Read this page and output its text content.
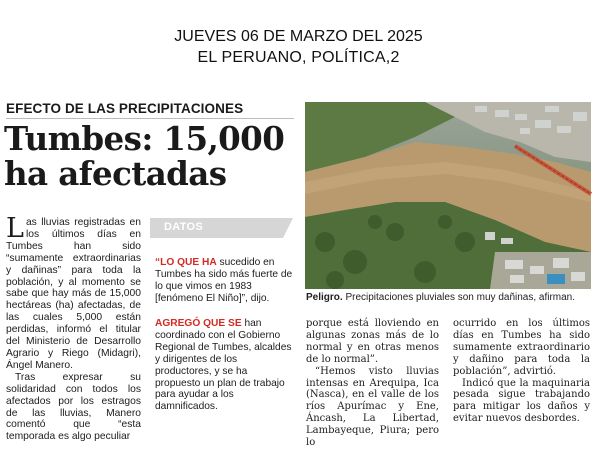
JUEVES 06 DE MARZO DEL 2025
EL PERUANO, POLÍTICA,2
EFECTO DE LAS PRECIPITACIONES
Tumbes: 15,000
ha afectadas
Peligro. Precipitaciones pluviales son muy dañinas, afirman.
L as lluvias registradas en los últimos días en Tumbes han sido “sumamente extraordinarias y dañinas” para toda la población, y al momento se sabe que hay más de 15,000 hectáreas (ha) afectadas, de las cuales 5,000 están perdidas, informó el titular del Ministerio de Desarrollo Agrario y Riego (Midagri), Ángel Manero.

Tras expresar su solidaridad con todos los afectados por los estragos de las lluvias, Manero comentó que “esta temporada es algo peculiar

DATOS
“LO QUE HA sucedido en Tumbes ha sido más fuerte de lo que vimos en 1983 [fenómeno El Niño]”, dijo.
AGREGÓ QUE SE han coordinado con el Gobierno Regional de Tumbes, alcaldes y dirigentes de los productores, y se ha propuesto un plan de trabajo para ayudar a los damnificados.

porque está lloviendo en algunas zonas más de lo normal y en otras menos de lo normal”.

“Hemos visto lluvias intensas en Arequipa, Ica (Nasca), en el valle de los ríos Apurímac y Ene, Áncash, La Libertad, Lambayeque, Piura; pero lo

ocurrido en los últimos días en Tumbes ha sido sumamente extraordinario y dañino para toda la población”, advirtió.

Indicó que la maquinaria pesada sigue trabajando para mitigar los daños y evitar nuevos desbordes.
